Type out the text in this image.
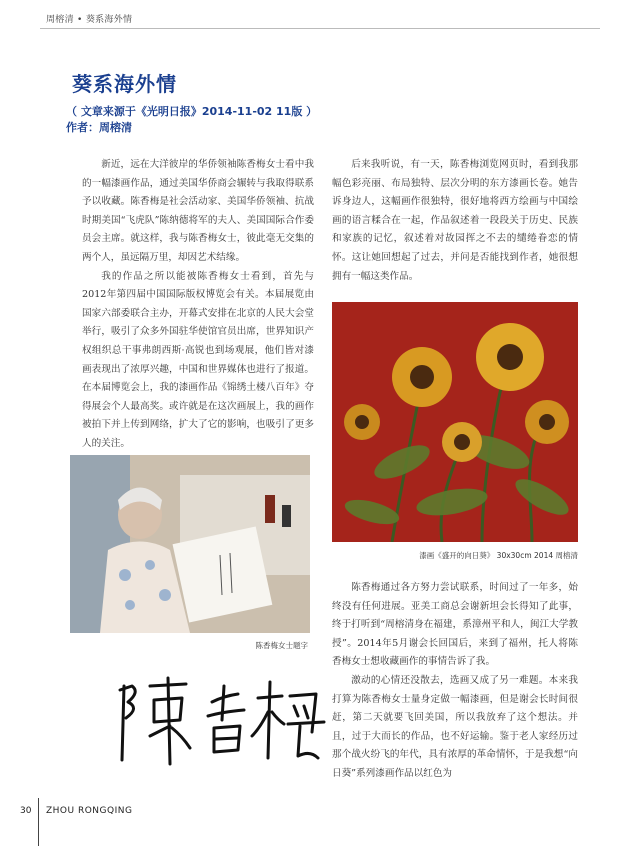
周榕清 • 葵系海外情
葵系海外情
（ 文章来源于《光明日报》2014-11-02 11版 ）
作者：周榕清

新近，远在大洋彼岸的华侨领袖陈香梅女士看中我的一幅漆画作品，通过美国华侨商会辗转与我取得联系予以收藏。陈香梅是社会活动家、美国华侨领袖、抗战时期美国“飞虎队”陈纳德将军的夫人、美国国际合作委员会主席。就这样，我与陈香梅女士，彼此毫无交集的两个人，虽远隔万里，却因艺术结缘。

我的作品之所以能被陈香梅女士看到，首先与2012年第四届中国国际版权博览会有关。本届展览由国家六部委联合主办，开幕式安排在北京的人民大会堂举行，吸引了众多外国驻华使馆官员出席，世界知识产权组织总干事弗朗西斯·高锐也到场观展，他们皆对漆画表现出了浓厚兴趣，中国和世界媒体也进行了报道。在本届博览会上，我的漆画作品《锦绣土楼八百年》夺得展会个人最高奖。或许就是在这次画展上，我的画作被拍下并上传到网络，扩大了它的影响，也吸引了更多人的关注。

后来我听说，有一天，陈香梅浏览网页时，看到我那幅色彩亮丽、布局独特、层次分明的东方漆画长卷。她告诉身边人，这幅画作很独特，很好地将西方绘画与中国绘画的语言糅合在一起，作品叙述着一段段关于历史、民族和家族的记忆，叙述着对故园挥之不去的缱绻眷恋的情怀。这让她回想起了过去，并问是否能找到作者，她很想拥有一幅这类作品。

漆画《盛开的向日葵》 30x30cm 2014 周榕清

陈香梅通过各方努力尝试联系，时间过了一年多，始终没有任何进展。亚美工商总会谢新坦会长得知了此事，终于打听到“周榕清身在福建，系漳州平和人，闽江大学教授”。2014年5月谢会长回国后，来到了福州，托人将陈香梅女士想收藏画作的事情告诉了我。

激动的心情还没散去，选画又成了另一难题。本来我打算为陈香梅女士量身定做一幅漆画，但是谢会长时间很赶，第二天就要飞回美国，所以我放弃了这个想法。并且，过于大而长的作品，也不好运输。鉴于老人家经历过那个战火纷飞的年代，具有浓厚的革命情怀，于是我想“向日葵”系列漆画作品以红色为

陈香梅女士题字
30 ZHOU RONGQING
